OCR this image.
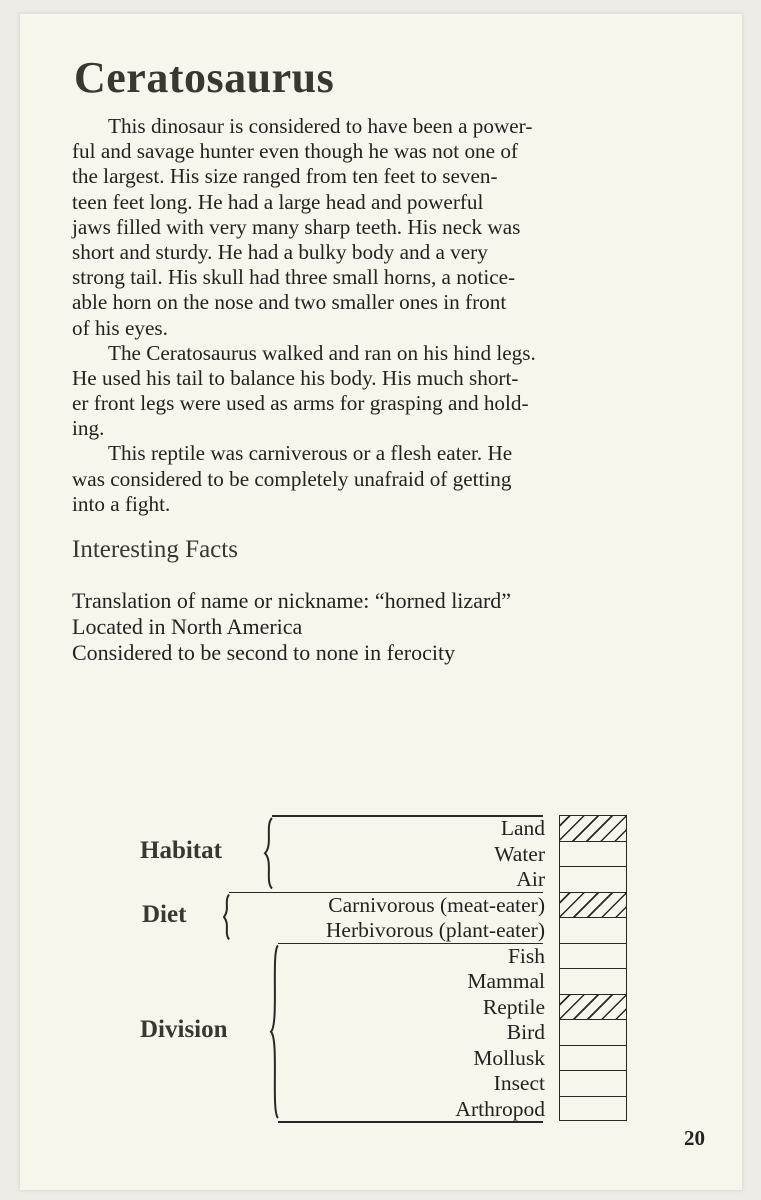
Ceratosaurus
This dinosaur is considered to have been a power-
ful and savage hunter even though he was not one of
the largest. His size ranged from ten feet to seven-
teen feet long. He had a large head and powerful
jaws filled with very many sharp teeth. His neck was
short and sturdy. He had a bulky body and a very
strong tail. His skull had three small horns, a notice-
able horn on the nose and two smaller ones in front
of his eyes.
The Ceratosaurus walked and ran on his hind legs.
He used his tail to balance his body. His much short-
er front legs were used as arms for grasping and hold-
ing.
This reptile was carniverous or a flesh eater. He
was considered to be completely unafraid of getting
into a fight.
Interesting Facts
Translation of name or nickname: “horned lizard”
Located in North America
Considered to be second to none in ferocity
Habitat
Land
Water
Air
Diet	Carnivorous (meat-eater)
Herbivorous (plant-eater)
Division
Fish
Mammal
Reptile
Bird
Mollusk
Insect
Arthropod
20
